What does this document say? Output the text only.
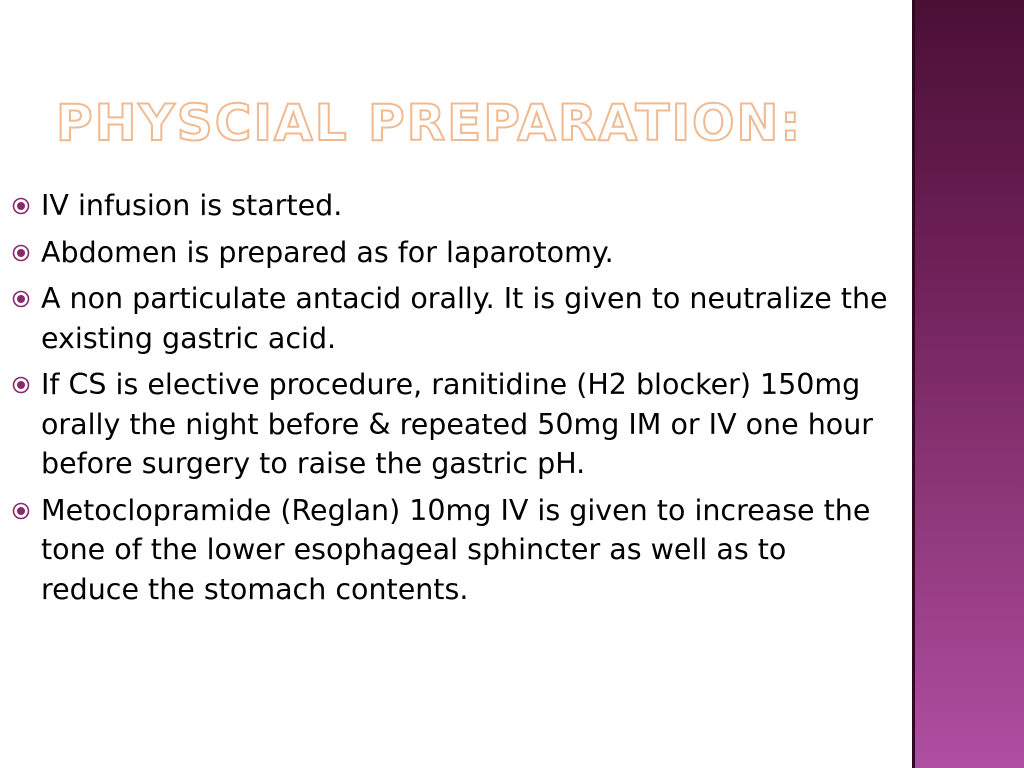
PHYSCIAL PREPARATION:
IV infusion is started.
Abdomen is prepared as for laparotomy.
A non particulate antacid orally. It is given to neutralize the existing gastric acid.
If CS is elective procedure, ranitidine (H2 blocker) 150mg orally the night before & repeated 50mg IM or IV one hour before surgery to raise the gastric pH.
Metoclopramide (Reglan) 10mg IV is given to increase the tone of the lower esophageal sphincter as well as to reduce the stomach contents.
